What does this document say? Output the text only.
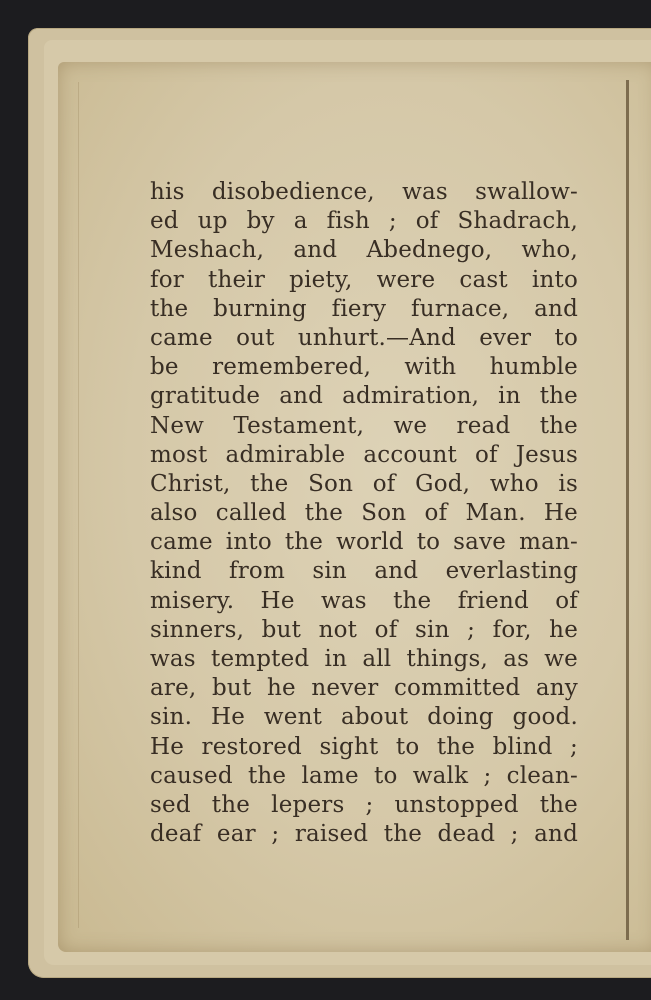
his disobedience, was swallow-
ed up by a fish ; of Shadrach,
Meshach, and Abednego, who,
for their piety, were cast into
the burning fiery furnace, and
came out unhurt.—And ever to
be remembered, with humble
gratitude and admiration, in the
New Testament, we read the
most admirable account of Jesus
Christ, the Son of God, who is
also called the Son of Man. He
came into the world to save man-
kind from sin and everlasting
misery. He was the friend of
sinners, but not of sin ; for, he
was tempted in all things, as we
are, but he never committed any
sin. He went about doing good.
He restored sight to the blind ;
caused the lame to walk ; clean-
sed the lepers ; unstopped the
deaf ear ; raised the dead ; and
